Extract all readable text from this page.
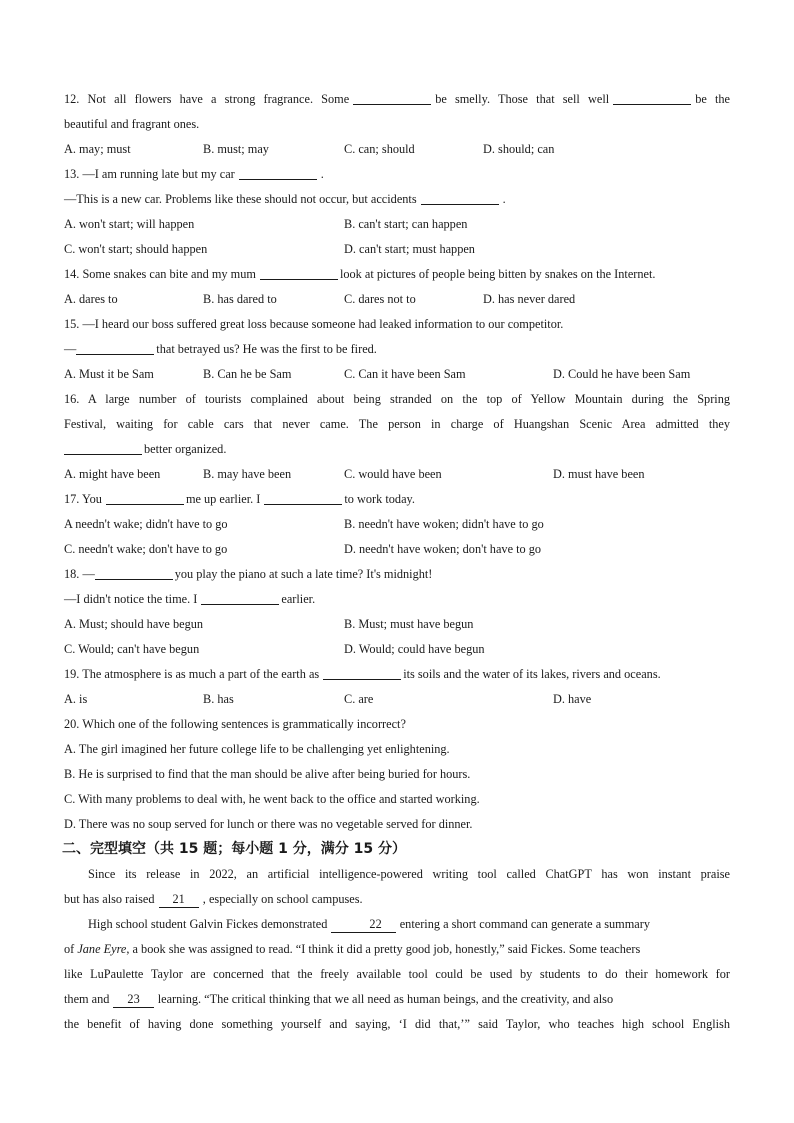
12. Not all flowers have a strong fragrance. Some	be smelly. Those that sell well	be the
beautiful and fragrant ones.
A. may; must	B. must; may	C. can; should	D. should; can
13. —I am running late but my car	.
—This is a new car. Problems like these should not occur, but accidents	.
A. won't start; will happen	B. can't start; can happen
C. won't start; should happen	D. can't start; must happen
14. Some snakes can bite and my mum	look at pictures of people being bitten by snakes on the Internet.
A. dares to	B. has dared to	C. dares not to	D. has never dared
15. —I heard our boss suffered great loss because someone had leaked information to our competitor.
—	that betrayed us? He was the first to be fired.
A. Must it be Sam	B. Can he be Sam	C. Can it have been Sam	D. Could he have been Sam
16. A large number of tourists complained about being stranded on the top of Yellow Mountain during the Spring
Festival, waiting for cable cars that never came. The person in charge of Huangshan Scenic Area admitted they
better organized.
A. might have been	B. may have been	C. would have been	D. must have been
17. You	me up earlier. I	to work today.
A needn't wake; didn't have to go	B. needn't have woken; didn't have to go
C. needn't wake; don't have to go	D. needn't have woken; don't have to go
18. —	you play the piano at such a late time? It's midnight!
—I didn't notice the time. I	earlier.
A. Must; should have begun	B. Must; must have begun
C. Would; can't have begun	D. Would; could have begun
19. The atmosphere is as much a part of the earth as	its soils and the water of its lakes, rivers and oceans.
A. is	B. has	C. are	D. have
20. Which one of the following sentences is grammatically incorrect?
A. The girl imagined her future college life to be challenging yet enlightening.
B. He is surprised to find that the man should be alive after being buried for hours.
C. With many problems to deal with, he went back to the office and started working.
D. There was no soup served for lunch or there was no vegetable served for dinner.
二、完型填空（共 15 题；每小题 1 分，满分 15 分）
Since its release in 2022, an artificial intelligence-powered writing tool called ChatGPT has won instant praise
but has also raised 21 , especially on school campuses.
High school student Galvin Fickes demonstrated	22 entering a short command can generate a summary
of Jane Eyre, a book she was assigned to read. “I think it did a pretty good job, honestly,” said Fickes. Some teachers
like LuPaulette Taylor are concerned that the freely available tool could be used by students to do their homework for
them and 23 learning. “The critical thinking that we all need as human beings, and the creativity, and also
the benefit of having done something yourself and saying, ‘I did that,’” said Taylor, who teaches high school English
